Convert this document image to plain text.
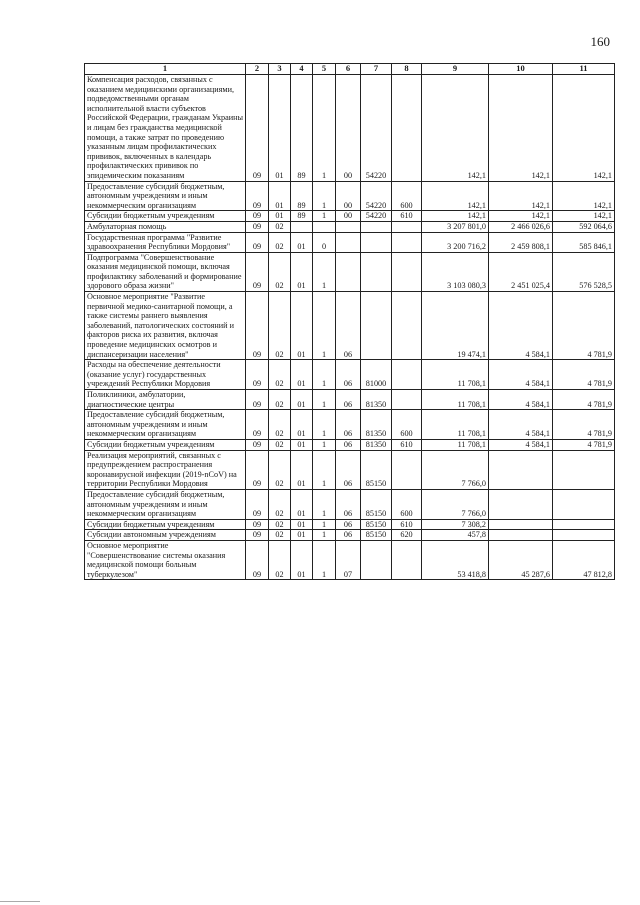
160
1	2	3	4	5	6	7	8	9	10	11
Компенсация расходов, связанных с оказанием медицинскими организациями, подведомственными органам исполнительной власти субъектов Российской Федерации, гражданам Украины и лицам без гражданства медицинской помощи, а также затрат по проведению указанным лицам профилактических прививок, включенных в календарь профилактических прививок по эпидемическим показаниям	09	01	89	1	00	54220		142,1	142,1	142,1
Предоставление субсидий бюджетным, автономным учреждениям и иным некоммерческим организациям	09	01	89	1	00	54220	600	142,1	142,1	142,1
Субсидии бюджетным учреждениям	09	01	89	1	00	54220	610	142,1	142,1	142,1
Амбулаторная помощь	09	02						3 207 801,0	2 466 026,6	592 064,6
Государственная программа "Развитие здравоохранения Республики Мордовия"	09	02	01	0				3 200 716,2	2 459 808,1	585 846,1
Подпрограмма "Совершенствование оказания медицинской помощи, включая профилактику заболеваний и формирование здорового образа жизни"	09	02	01	1				3 103 080,3	2 451 025,4	576 528,5
Основное мероприятие "Развитие первичной медико-санитарной помощи, а также системы раннего выявления заболеваний, патологических состояний и факторов риска их развития, включая проведение медицинских осмотров и диспансеризации населения"	09	02	01	1	06			19 474,1	4 584,1	4 781,9
Расходы на обеспечение деятельности (оказание услуг) государственных учреждений Республики Мордовия	09	02	01	1	06	81000		11 708,1	4 584,1	4 781,9
Поликлиники, амбулатории, диагностические центры	09	02	01	1	06	81350		11 708,1	4 584,1	4 781,9
Предоставление субсидий бюджетным, автономным учреждениям и иным некоммерческим организациям	09	02	01	1	06	81350	600	11 708,1	4 584,1	4 781,9
Субсидии бюджетным учреждениям	09	02	01	1	06	81350	610	11 708,1	4 584,1	4 781,9
Реализация мероприятий, связанных с предупреждением распространения коронавирусной инфекции (2019-nCoV) на территории Республики Мордовия	09	02	01	1	06	85150		7 766,0		
Предоставление субсидий бюджетным, автономным учреждениям и иным некоммерческим организациям	09	02	01	1	06	85150	600	7 766,0		
Субсидии бюджетным учреждениям	09	02	01	1	06	85150	610	7 308,2		
Субсидии автономным учреждениям	09	02	01	1	06	85150	620	457,8		
Основное мероприятие "Совершенствование системы оказания медицинской помощи больным туберкулезом"	09	02	01	1	07			53 418,8	45 287,6	47 812,8
